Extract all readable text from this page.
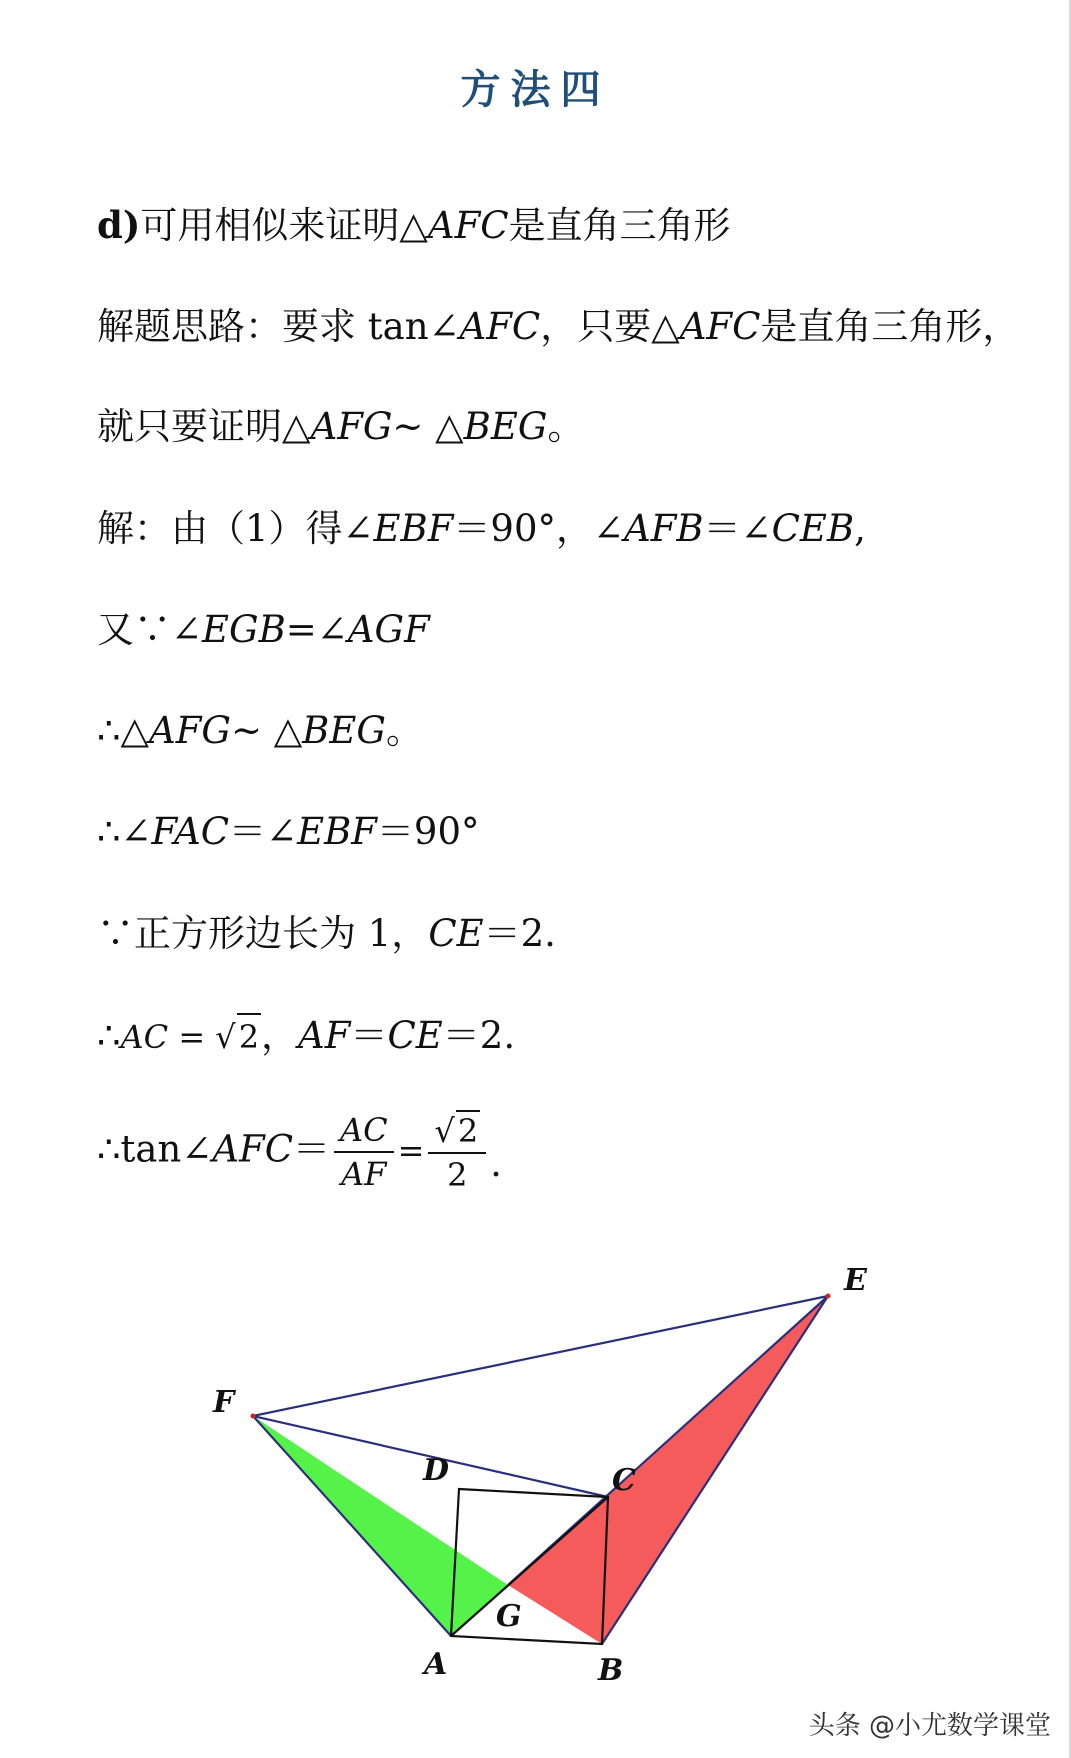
方法四
d)可用相似来证明△AFC是直角三角形
解题思路：要求 tan∠AFC，只要△AFC是直角三角形，
就只要证明△AFG~ △BEG。
解：由（1）得∠EBF＝90°，∠AFB＝∠CEB,
又∵∠EGB=∠AGF
∴△AFG~ △BEG。
∴∠FAC＝∠EBF＝90°
∵正方形边长为 1，CE＝2.
∴AC = √2，AF＝CE＝2.
∴tan∠AFC＝ $\frac{AC}{AF} = \frac{√2}{2}$ .
E
F
D	C
G
A	B
头条 @小尤数学课堂
